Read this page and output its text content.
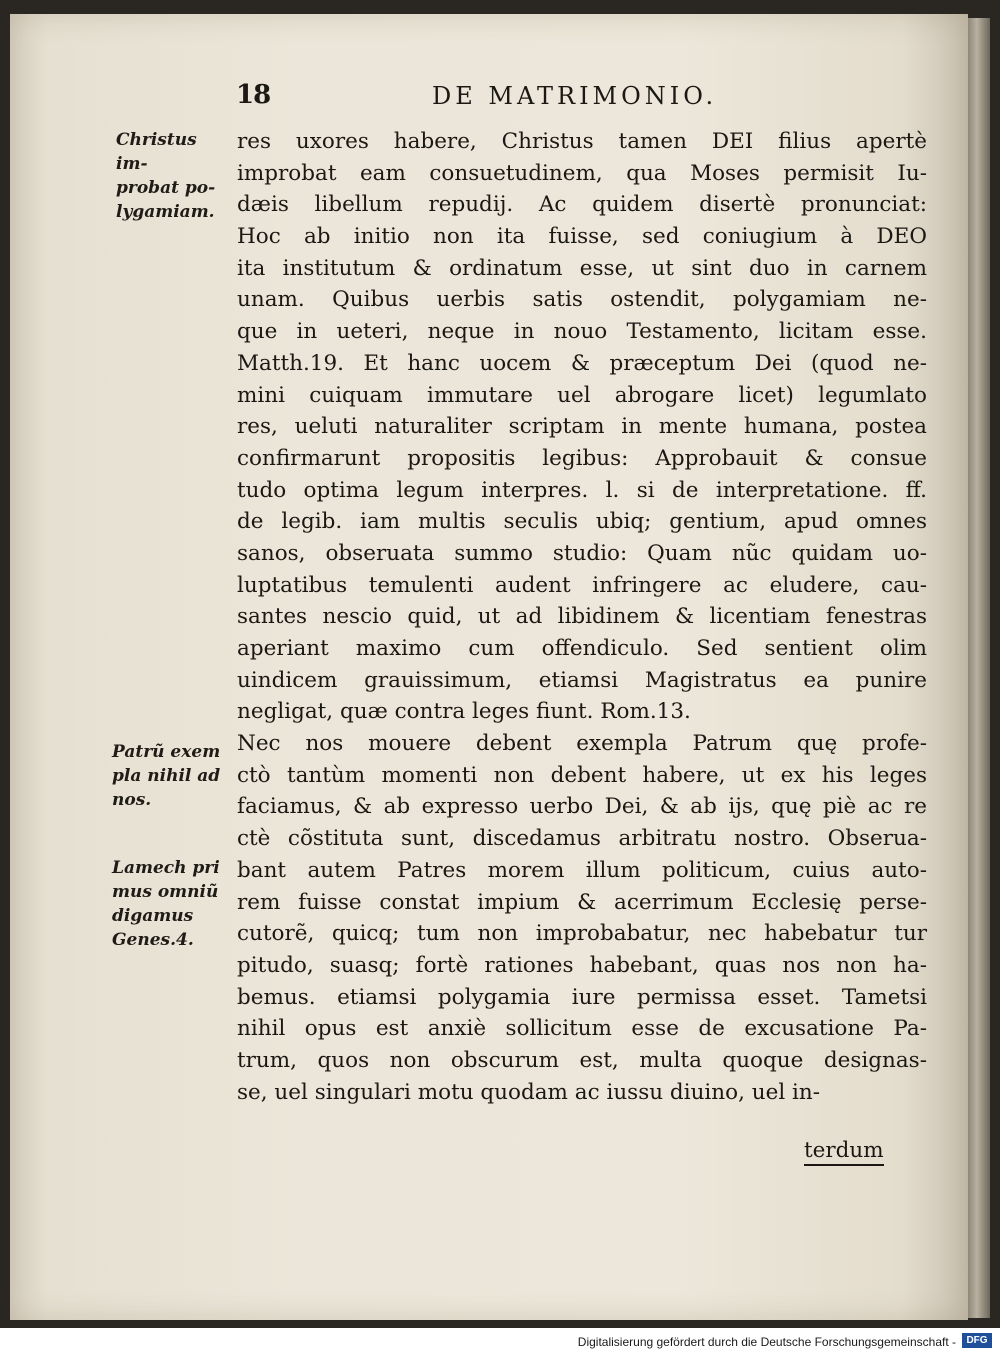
18	DE MATRIMONIO.
Christus im-
probat po-
lygamiam.
Patrũ exem
pla nihil ad
nos.
Lamech pri
mus omniũ
digamus
Genes.4.
res uxores habere, Christus tamen DEI filius apertè
improbat eam consuetudinem, qua Moses permisit Iu-
dæis libellum repudij. Ac quidem disertè pronunciat:
Hoc ab initio non ita fuisse, sed coniugium à DEO
ita institutum & ordinatum esse, ut sint duo in carnem
unam. Quibus uerbis satis ostendit, polygamiam ne-
que in ueteri, neque in nouo Testamento, licitam esse.
Matth.19. Et hanc uocem & præceptum Dei (quod ne-
mini cuiquam immutare uel abrogare licet) legumlato
res, ueluti naturaliter scriptam in mente humana, postea
confirmarunt propositis legibus: Approbauit & consue
tudo optima legum interpres. l. si de interpretatione. ff.
de legib. iam multis seculis ubiq; gentium, apud omnes
sanos, obseruata summo studio: Quam nũc quidam uo-
luptatibus temulenti audent infringere ac eludere, cau-
santes nescio quid, ut ad libidinem & licentiam fenestras
aperiant maximo cum offendiculo. Sed sentient olim
uindicem grauissimum, etiamsi Magistratus ea punire
negligat, quæ contra leges fiunt. Rom.13.
Nec nos mouere debent exempla Patrum quę profe-
ctò tantùm momenti non debent habere, ut ex his leges
faciamus, & ab expresso uerbo Dei, & ab ijs, quę piè ac re
ctè cõstituta sunt, discedamus arbitratu nostro. Obserua-
bant autem Patres morem illum politicum, cuius auto-
rem fuisse constat impium & acerrimum Ecclesię perse-
cutorẽ, quicq; tum non improbabatur, nec habebatur tur
pitudo, suasq; fortè rationes habebant, quas nos non ha-
bemus. etiamsi polygamia iure permissa esset. Tametsi
nihil opus est anxiè sollicitum esse de excusatione Pa-
trum, quos non obscurum est, multa quoque designas-
se, uel singulari motu quodam ac iussu diuino, uel in-
terdum
Digitalisierung gefördert durch die Deutsche Forschungsgemeinschaft -	DFG
